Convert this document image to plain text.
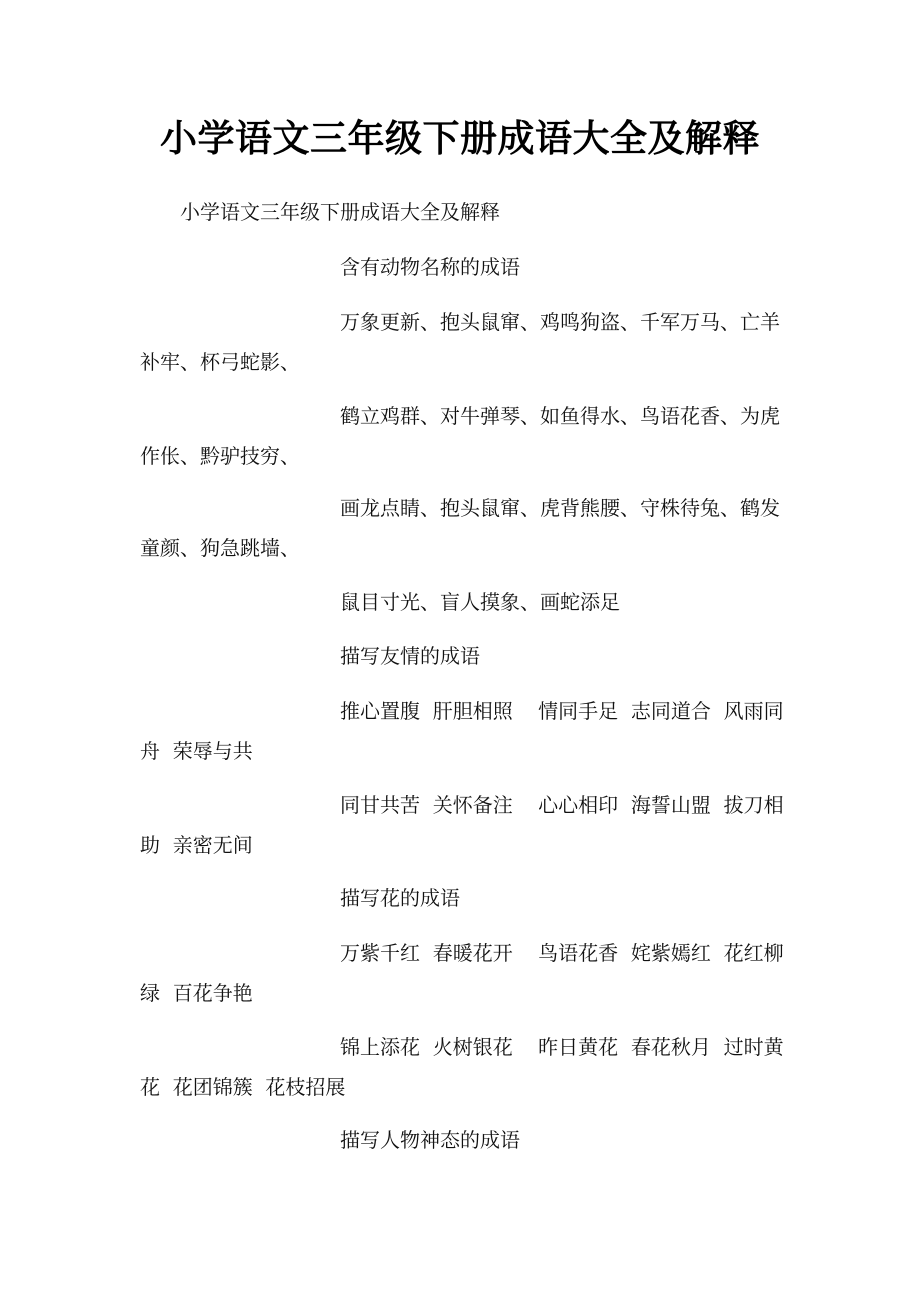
小学语文三年级下册成语大全及解释

小学语文三年级下册成语大全及解释

含有动物名称的成语

万象更新、抱头鼠窜、鸡鸣狗盗、千军万马、亡羊补牢、杯弓蛇影、

鹤立鸡群、对牛弹琴、如鱼得水、鸟语花香、为虎作伥、黔驴技穷、

画龙点睛、抱头鼠窜、虎背熊腰、守株待兔、鹤发童颜、狗急跳墙、

鼠目寸光、盲人摸象、画蛇添足

描写友情的成语

推心置腹  肝胆相照    情同手足  志同道合  风雨同舟  荣辱与共

同甘共苦  关怀备注    心心相印  海誓山盟  拔刀相助  亲密无间

描写花的成语

万紫千红  春暖花开    鸟语花香  姹紫嫣红  花红柳绿  百花争艳

锦上添花  火树银花    昨日黄花  春花秋月  过时黄花  花团锦簇  花枝招展

描写人物神态的成语
